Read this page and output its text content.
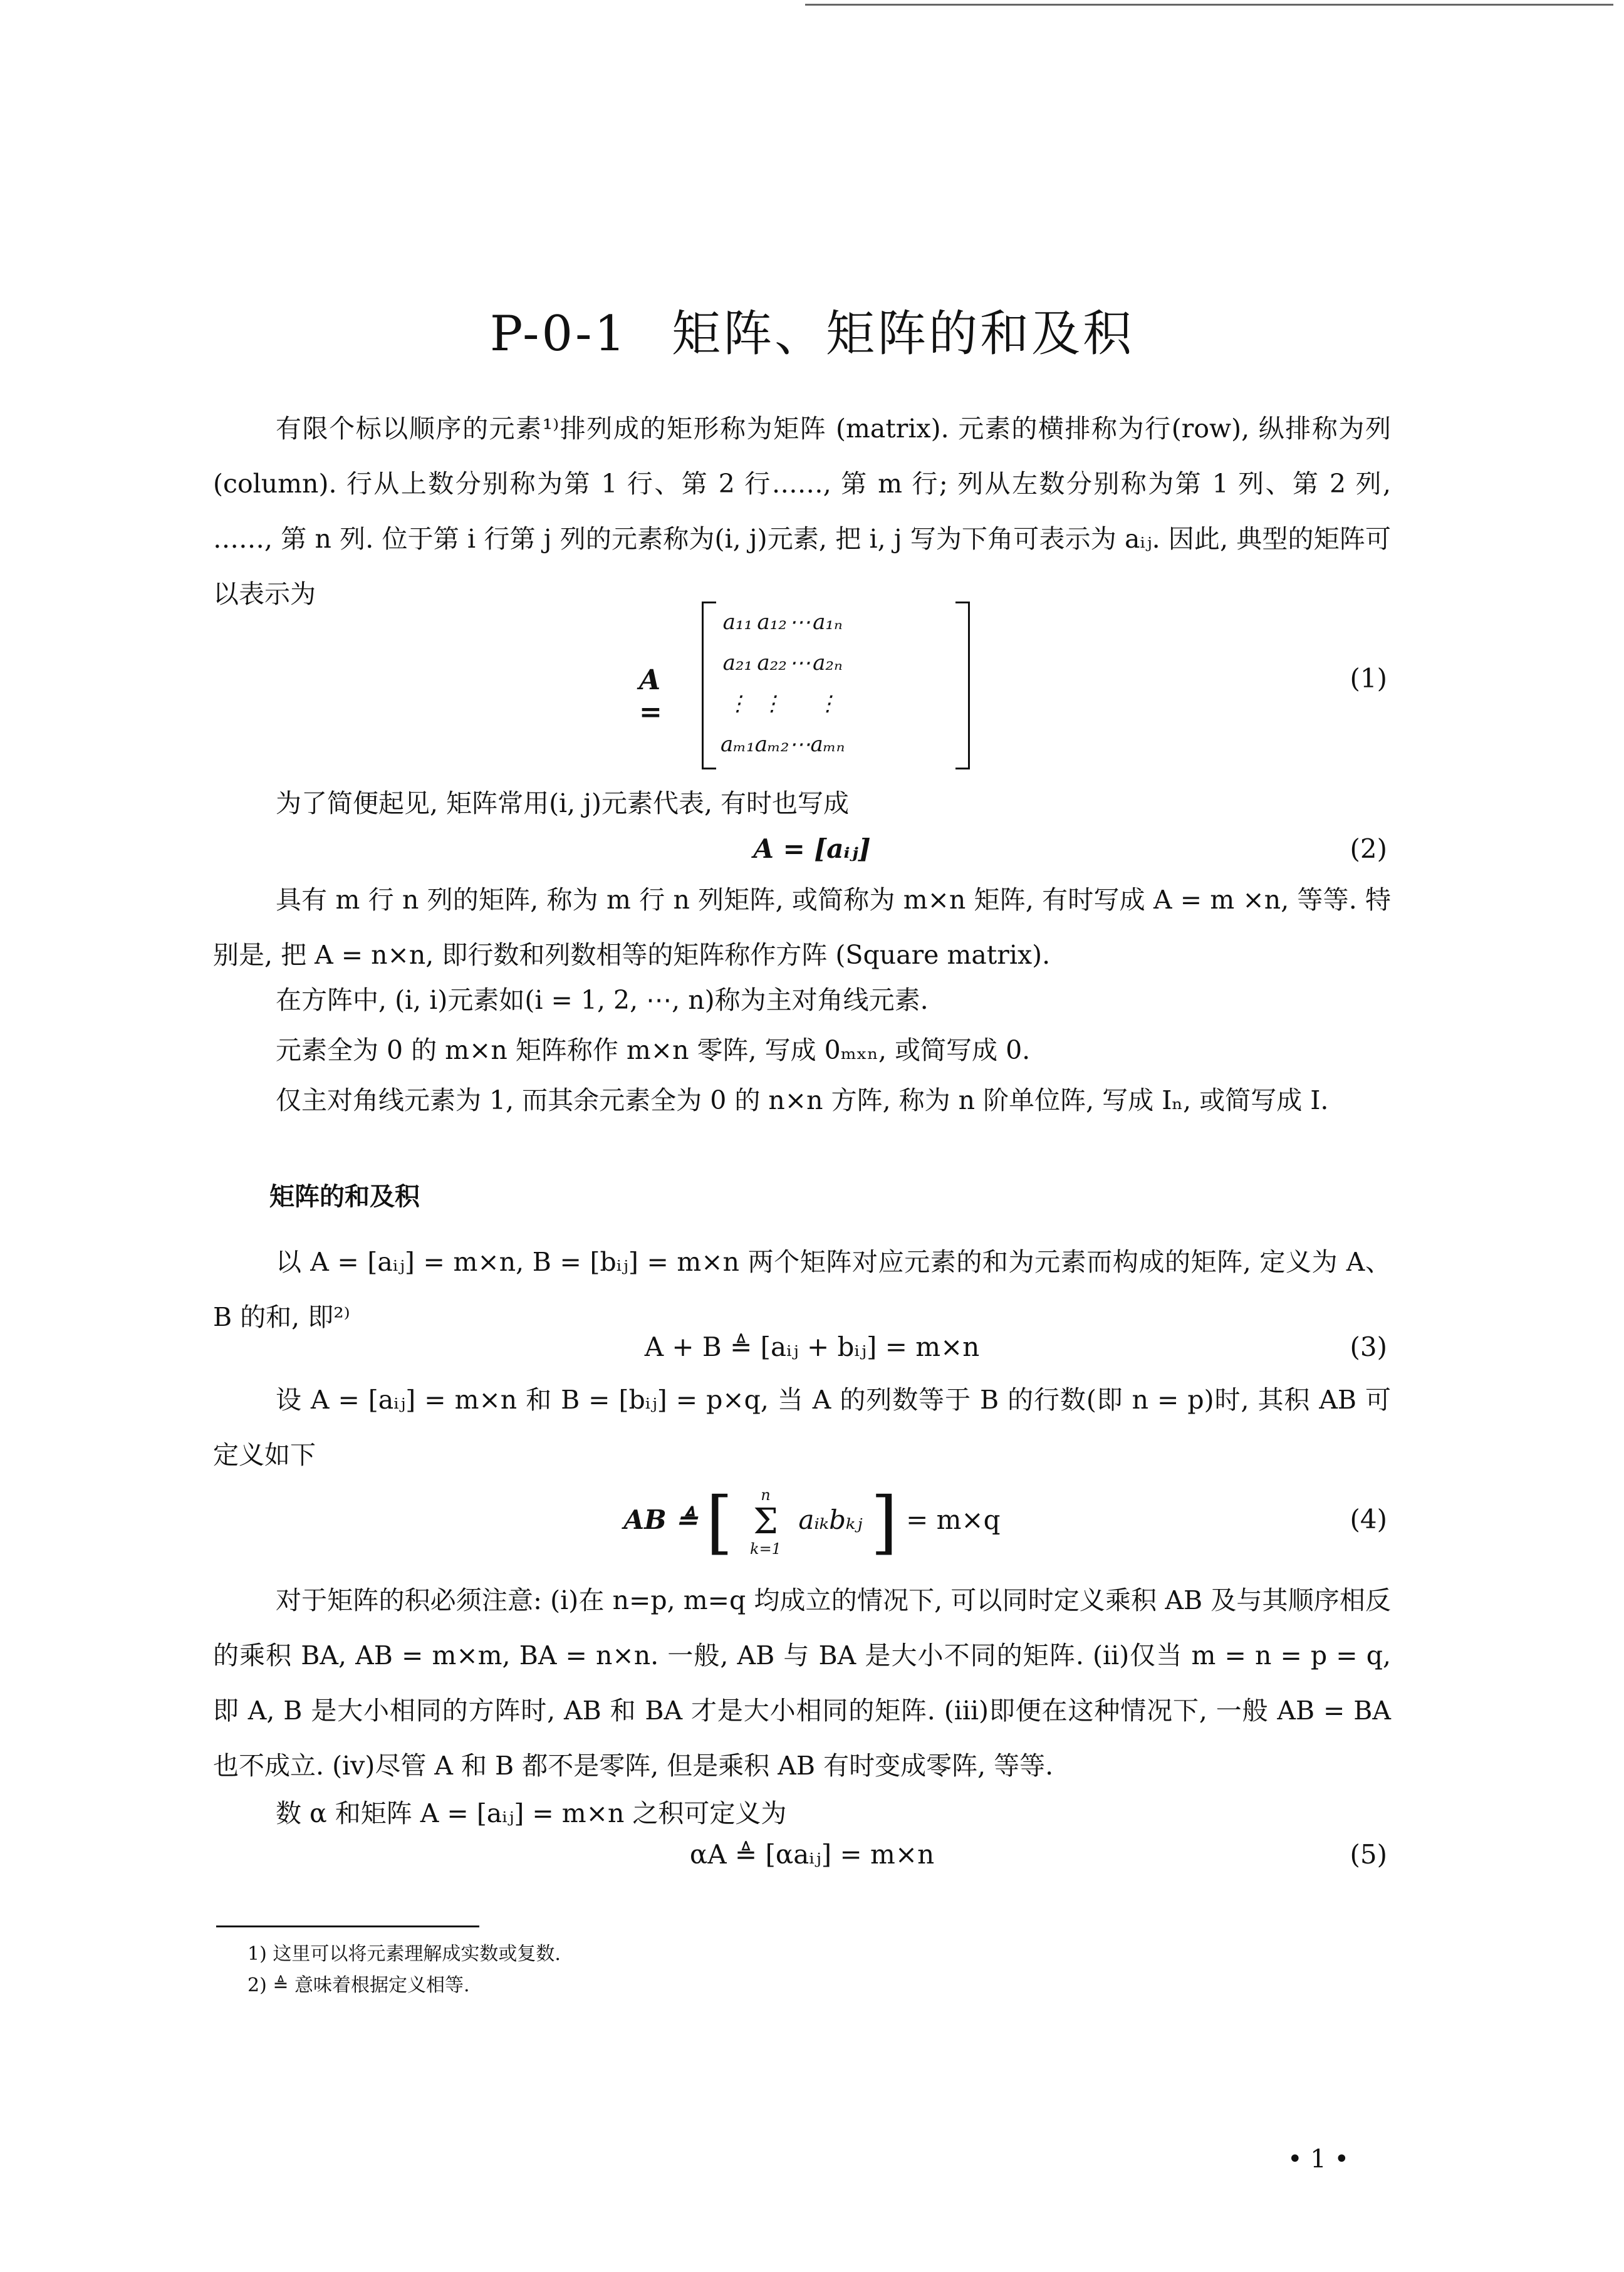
P-0-1 矩阵、矩阵的和及积
有限个标以顺序的元素¹⁾排列成的矩形称为矩阵 (matrix). 元素的横排称为行(row), 纵排称为列(column). 行从上数分别称为第 1 行、第 2 行……, 第 m 行; 列从左数分别称为第 1 列、第 2 列, ……, 第 n 列. 位于第 i 行第 j 列的元素称为(i, j)元素, 把 i, j 写为下角可表示为 aᵢⱼ. 因此, 典型的矩阵可以表示为
A =
a₁₁	a₁₂	⋯	a₁ₙ
a₂₁	a₂₂	⋯	a₂ₙ
⋮	⋮		⋮
aₘ₁	aₘ₂	⋯	aₘₙ
(1)
为了简便起见, 矩阵常用(i, j)元素代表, 有时也写成
A = [aᵢⱼ]	(2)
具有 m 行 n 列的矩阵, 称为 m 行 n 列矩阵, 或简称为 m×n 矩阵, 有时写成 A = m ×n, 等等. 特别是, 把 A = n×n, 即行数和列数相等的矩阵称作方阵 (Square matrix).
在方阵中, (i, i)元素如(i = 1, 2, ⋯, n)称为主对角线元素.
元素全为 0 的 m×n 矩阵称作 m×n 零阵, 写成 0ₘₓₙ, 或简写成 0.
仅主对角线元素为 1, 而其余元素全为 0 的 n×n 方阵, 称为 n 阶单位阵, 写成 Iₙ, 或简写成 I.
矩阵的和及积
以 A = [aᵢⱼ] = m×n, B = [bᵢⱼ] = m×n 两个矩阵对应元素的和为元素而构成的矩阵, 定义为 A、B 的和, 即²⁾
A + B ≜ [aᵢⱼ + bᵢⱼ] = m×n	(3)
设 A = [aᵢⱼ] = m×n 和 B = [bᵢⱼ] = p×q, 当 A 的列数等于 B 的行数(即 n = p)时, 其积 AB 可定义如下
AB ≜ [	n
Σ
k=1
aᵢₖbₖⱼ ] = m×q	(4)
对于矩阵的积必须注意: (i)在 n=p, m=q 均成立的情况下, 可以同时定义乘积 AB 及与其顺序相反的乘积 BA, AB = m×m, BA = n×n. 一般, AB 与 BA 是大小不同的矩阵. (ii)仅当 m = n = p = q, 即 A, B 是大小相同的方阵时, AB 和 BA 才是大小相同的矩阵. (iii)即便在这种情况下, 一般 AB = BA 也不成立. (iv)尽管 A 和 B 都不是零阵, 但是乘积 AB 有时变成零阵, 等等.
数 α 和矩阵 A = [aᵢⱼ] = m×n 之积可定义为
αA ≜ [αaᵢⱼ] = m×n	(5)
1) 这里可以将元素理解成实数或复数.
2) ≜ 意味着根据定义相等.
• 1 •
